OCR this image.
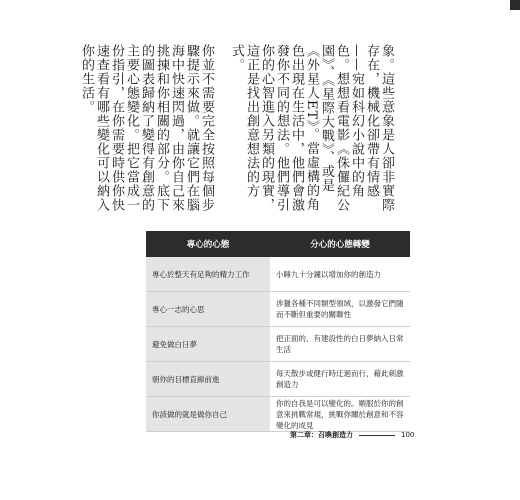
象。這些意象是人卻非實際存在，機械化卻帶有情感——宛如科幻小說中的角色。想想看電影《侏儸紀公園》、《星際大戰》、或是《外星人ET》。當虛構的角色出現在生活中，他們會激發你不同的想法。他們導引你的心智進入另類的現實，這正是找出創意想法的方式。

你並不需要完全按照每個步驟提示來做。就讓它們在腦海中快速閃過，由你自己來挑揀和你相關的部分。底下的圖表歸納了變得有創意的主要心態變化。把它當成一份指引，在你需要時供你快速查看有哪些變化可以納入你的生活。

專心的心態	分心的心態轉變
專心於整天有足夠的精力工作	小睡九十分鐘以增加你的創造力
專心一志的心思	涉獵各種不同類型領域，以激發它們隨而不斷但重要的關聯性
避免做白日夢	把正面的、有建設性的白日夢納入日常生活
朝你的目標直線前進	每天散步或健行時迂迴而行，藉此刺激創造力
你該做的就是做你自己	你的自我是可以變化的。順服於你的創意來挑戰常規，挑戰你關於創意和不容變化的成見
第二章：召喚創造力	100
